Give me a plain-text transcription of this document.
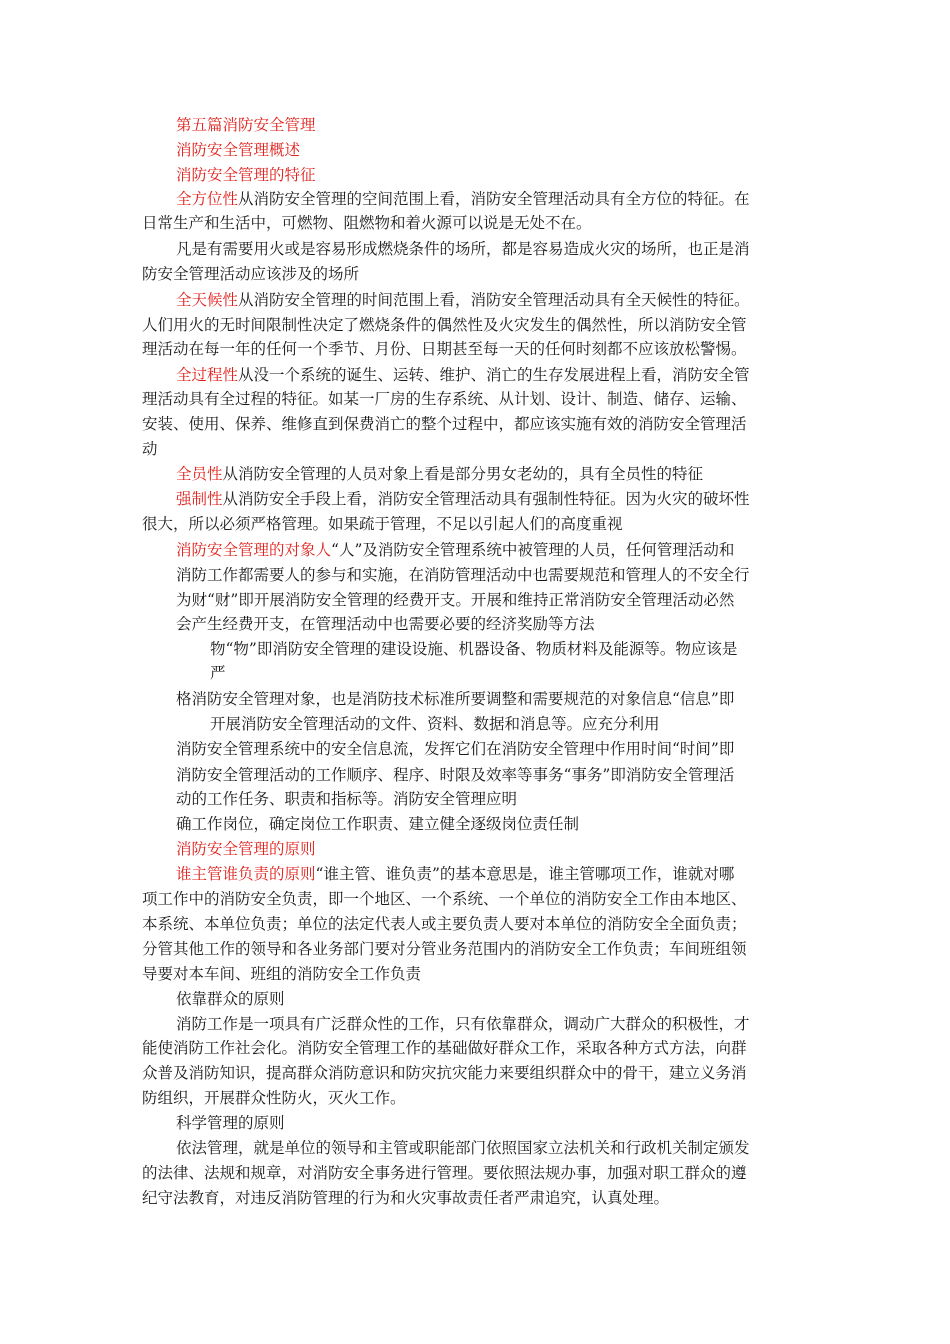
第五篇消防安全管理
消防安全管理概述
消防安全管理的特征
全方位性从消防安全管理的空间范围上看，消防安全管理活动具有全方位的特征。在
日常生产和生活中，可燃物、阻燃物和着火源可以说是无处不在。
凡是有需要用火或是容易形成燃烧条件的场所，都是容易造成火灾的场所，也正是消
防安全管理活动应该涉及的场所
全天候性从消防安全管理的时间范围上看，消防安全管理活动具有全天候性的特征。
人们用火的无时间限制性决定了燃烧条件的偶然性及火灾发生的偶然性，所以消防安全管
理活动在每一年的任何一个季节、月份、日期甚至每一天的任何时刻都不应该放松警惕。
全过程性从没一个系统的诞生、运转、维护、消亡的生存发展进程上看，消防安全管
理活动具有全过程的特征。如某一厂房的生存系统、从计划、设计、制造、储存、运输、
安装、使用、保养、维修直到保费消亡的整个过程中，都应该实施有效的消防安全管理活
动
全员性从消防安全管理的人员对象上看是部分男女老幼的，具有全员性的特征
强制性从消防安全手段上看，消防安全管理活动具有强制性特征。因为火灾的破坏性
很大，所以必须严格管理。如果疏于管理，不足以引起人们的高度重视
消防安全管理的对象人“人”及消防安全管理系统中被管理的人员，任何管理活动和
消防工作都需要人的参与和实施，在消防管理活动中也需要规范和管理人的不安全行
为财“财”即开展消防安全管理的经费开支。开展和维持正常消防安全管理活动必然
会产生经费开支，在管理活动中也需要必要的经济奖励等方法
物“物”即消防安全管理的建设设施、机器设备、物质材料及能源等。物应该是
严
格消防安全管理对象，也是消防技术标准所要调整和需要规范的对象信息“信息”即
开展消防安全管理活动的文件、资料、数据和消息等。应充分利用
消防安全管理系统中的安全信息流，发挥它们在消防安全管理中作用时间“时间”即
消防安全管理活动的工作顺序、程序、时限及效率等事务“事务”即消防安全管理活
动的工作任务、职责和指标等。消防安全管理应明
确工作岗位，确定岗位工作职责、建立健全逐级岗位责任制
消防安全管理的原则
谁主管谁负责的原则“谁主管、谁负责”的基本意思是，谁主管哪项工作，谁就对哪
项工作中的消防安全负责，即一个地区、一个系统、一个单位的消防安全工作由本地区、
本系统、本单位负责；单位的法定代表人或主要负责人要对本单位的消防安全全面负责；
分管其他工作的领导和各业务部门要对分管业务范围内的消防安全工作负责；车间班组领
导要对本车间、班组的消防安全工作负责
依靠群众的原则
消防工作是一项具有广泛群众性的工作，只有依靠群众，调动广大群众的积极性，才
能使消防工作社会化。消防安全管理工作的基础做好群众工作，采取各种方式方法，向群
众普及消防知识，提高群众消防意识和防灾抗灾能力来要组织群众中的骨干，建立义务消
防组织，开展群众性防火，灭火工作。
科学管理的原则
依法管理，就是单位的领导和主管或职能部门依照国家立法机关和行政机关制定颁发
的法律、法规和规章，对消防安全事务进行管理。要依照法规办事，加强对职工群众的遵
纪守法教育，对违反消防管理的行为和火灾事故责任者严肃追究，认真处理。
